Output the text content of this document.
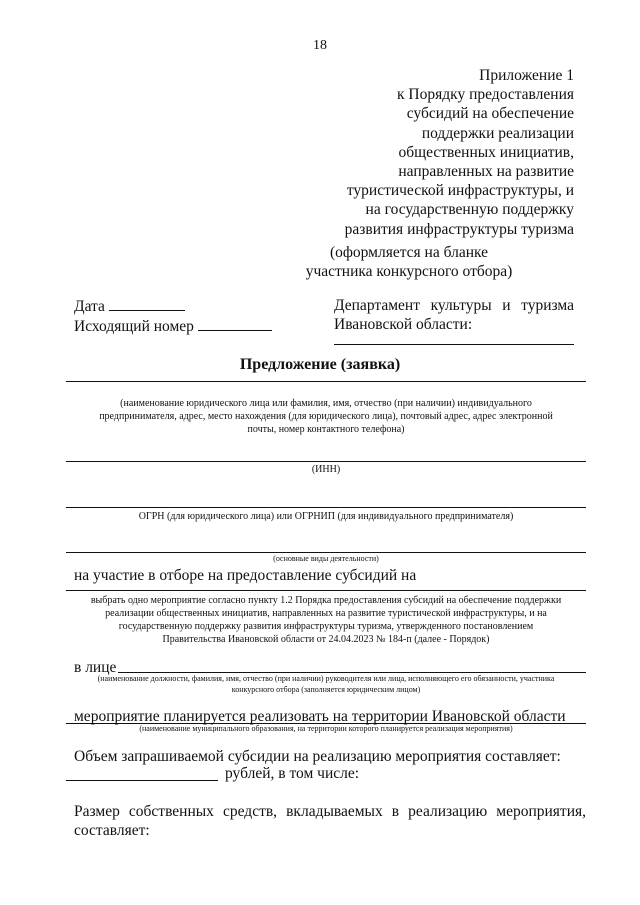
18
Приложение 1
к Порядку предоставления
субсидий на обеспечение
поддержки реализации
общественных инициатив,
направленных на развитие
туристической инфраструктуры, и
на государственную поддержку
развития инфраструктуры туризма
(оформляется на бланке
участника конкурсного отбора)
Дата
Исходящий номер
Департамент культуры и туризма
Ивановской области:
Предложение (заявка)
(наименование юридического лица или фамилия, имя, отчество (при наличии) индивидуального
предпринимателя, адрес, место нахождения (для юридического лица), почтовый адрес, адрес электронной
почты, номер контактного телефона)
(ИНН)
ОГРН (для юридического лица) или ОГРНИП (для индивидуального предпринимателя)
(основные виды деятельности)
на участие в отборе на предоставление субсидий на
выбрать одно мероприятие согласно пункту 1.2 Порядка предоставления субсидий на обеспечение поддержки
реализации общественных инициатив, направленных на развитие туристической инфраструктуры, и на
государственную поддержку развития инфраструктуры туризма, утвержденного постановлением
Правительства Ивановской области от 24.04.2023 № 184-п (далее - Порядок)
в лице
(наименование должности, фамилия, имя, отчество (при наличии) руководителя или лица, исполняющего его обязанности, участника
конкурсного отбора (заполняется юридическим лицом)
мероприятие планируется реализовать на территории Ивановской области
(наименование муниципального образования, на территории которого планируется реализация мероприятия)
Объем запрашиваемой субсидии на реализацию мероприятия составляет:
рублей, в том числе:
Размер собственных средств, вкладываемых в реализацию мероприятия,
составляет:
